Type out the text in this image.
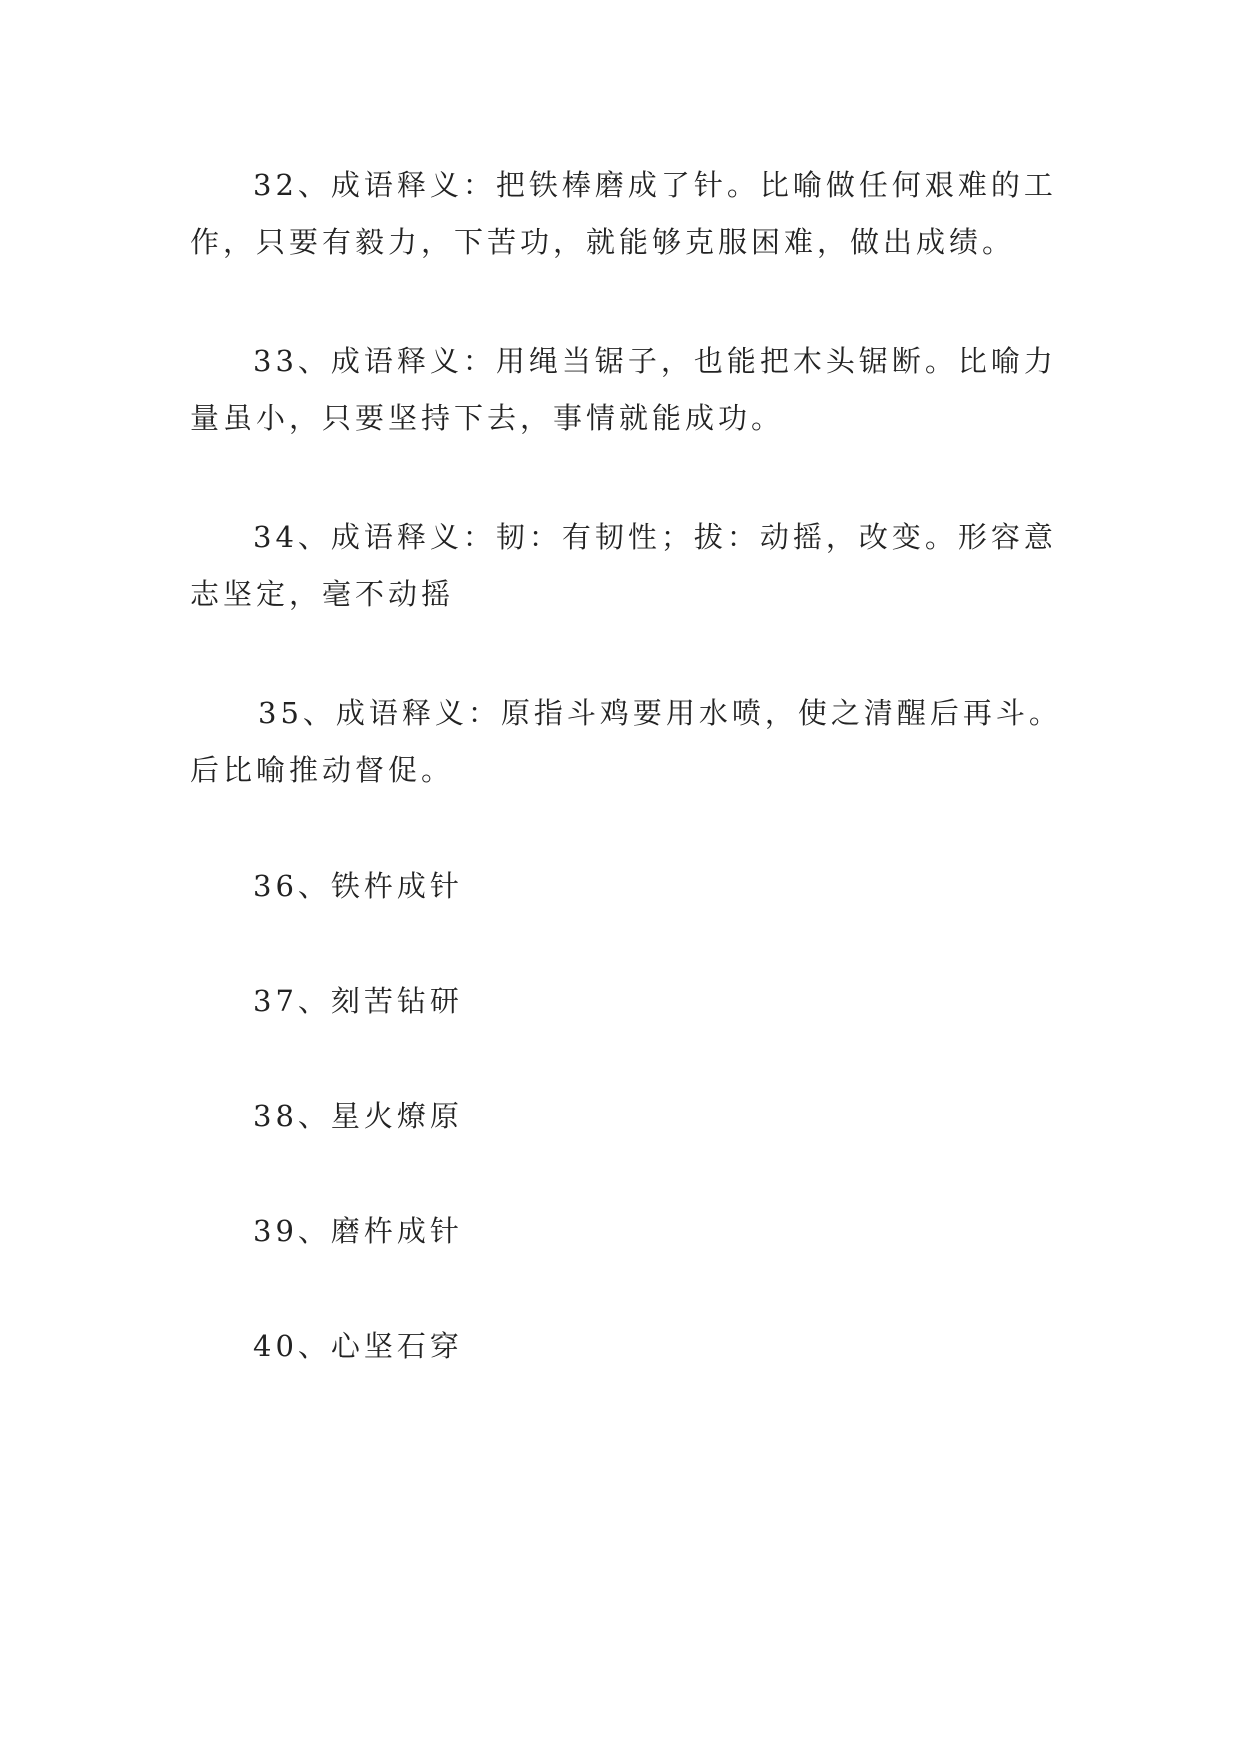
32、成语释义：把铁棒磨成了针。比喻做任何艰难的工
作，只要有毅力，下苦功，就能够克服困难，做出成绩。

33、成语释义：用绳当锯子，也能把木头锯断。比喻力
量虽小，只要坚持下去，事情就能成功。

34、成语释义：韧：有韧性；拔：动摇，改变。形容意
志坚定，毫不动摇

35、成语释义：原指斗鸡要用水喷，使之清醒后再斗。
后比喻推动督促。

36、铁杵成针

37、刻苦钻研

38、星火燎原

39、磨杵成针

40、心坚石穿
